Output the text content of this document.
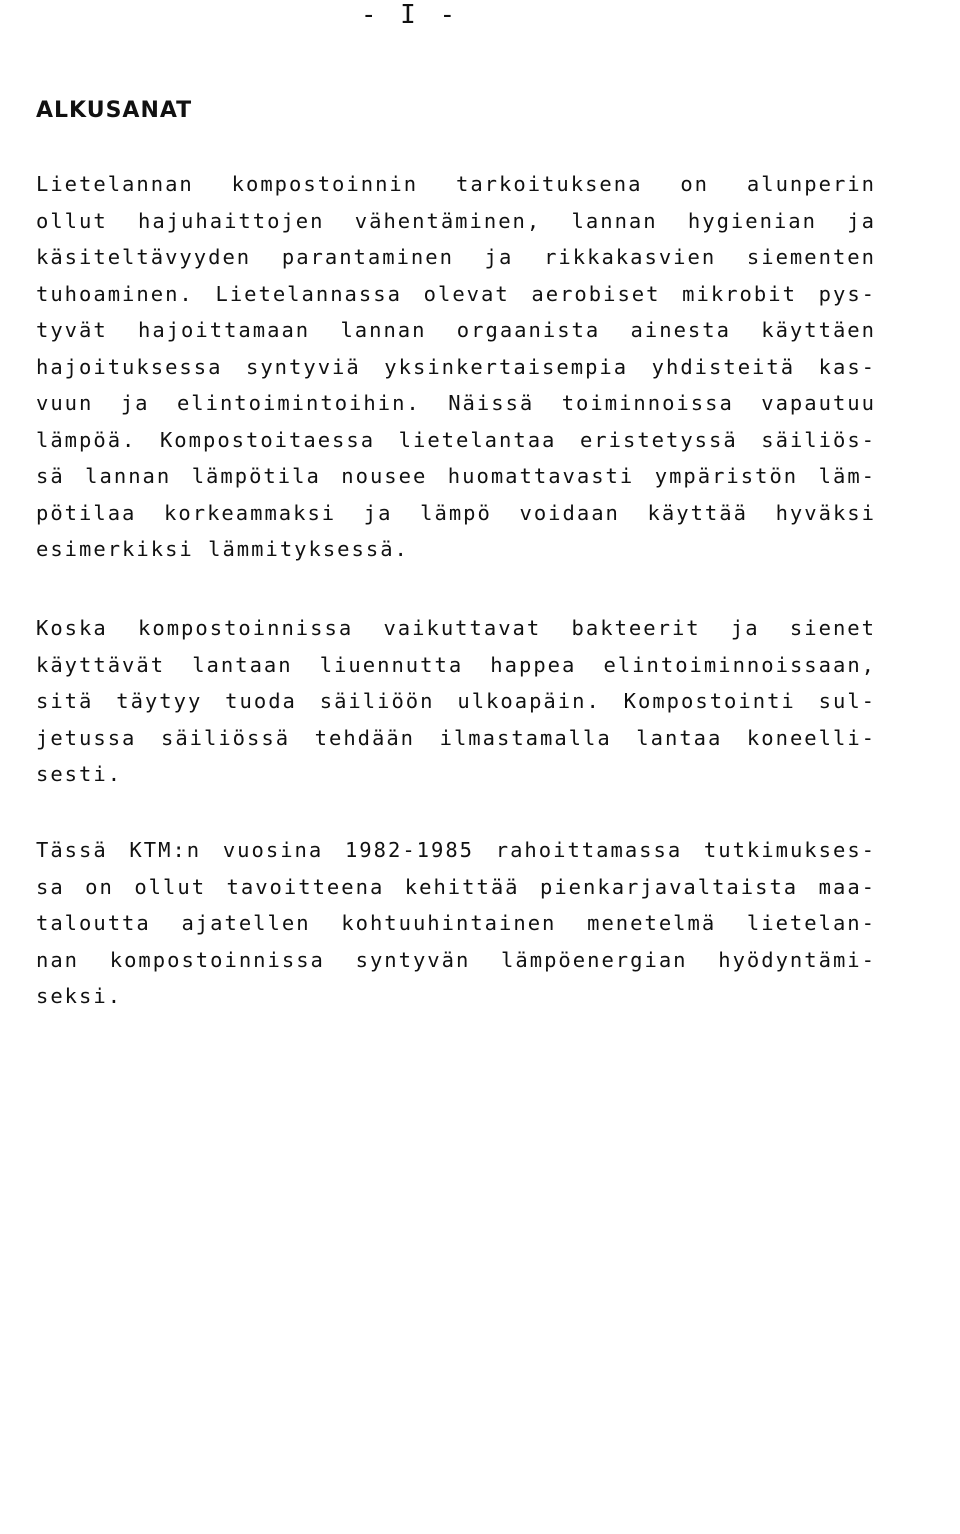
- I -
ALKUSANAT
Lietelannan kompostoinnin tarkoituksena on alunperin
ollut hajuhaittojen vähentäminen, lannan hygienian ja
käsiteltävyyden parantaminen ja rikkakasvien siementen
tuhoaminen. Lietelannassa olevat aerobiset mikrobit pys-
tyvät hajoittamaan lannan orgaanista ainesta käyttäen
hajoituksessa syntyviä yksinkertaisempia yhdisteitä kas-
vuun ja elintoimintoihin. Näissä toiminnoissa vapautuu
lämpöä. Kompostoitaessa lietelantaa eristetyssä säiliös-
sä lannan lämpötila nousee huomattavasti ympäristön läm-
pötilaa korkeammaksi ja lämpö voidaan käyttää hyväksi
esimerkiksi lämmityksessä.
Koska kompostoinnissa vaikuttavat bakteerit ja sienet
käyttävät lantaan liuennutta happea elintoiminnoissaan,
sitä täytyy tuoda säiliöön ulkoapäin. Kompostointi sul-
jetussa säiliössä tehdään ilmastamalla lantaa koneelli-
sesti.
Tässä KTM:n vuosina 1982-1985 rahoittamassa tutkimukses-
sa on ollut tavoitteena kehittää pienkarjavaltaista maa-
taloutta ajatellen kohtuuhintainen menetelmä lietelan-
nan kompostoinnissa syntyvän lämpöenergian hyödyntämi-
seksi.
